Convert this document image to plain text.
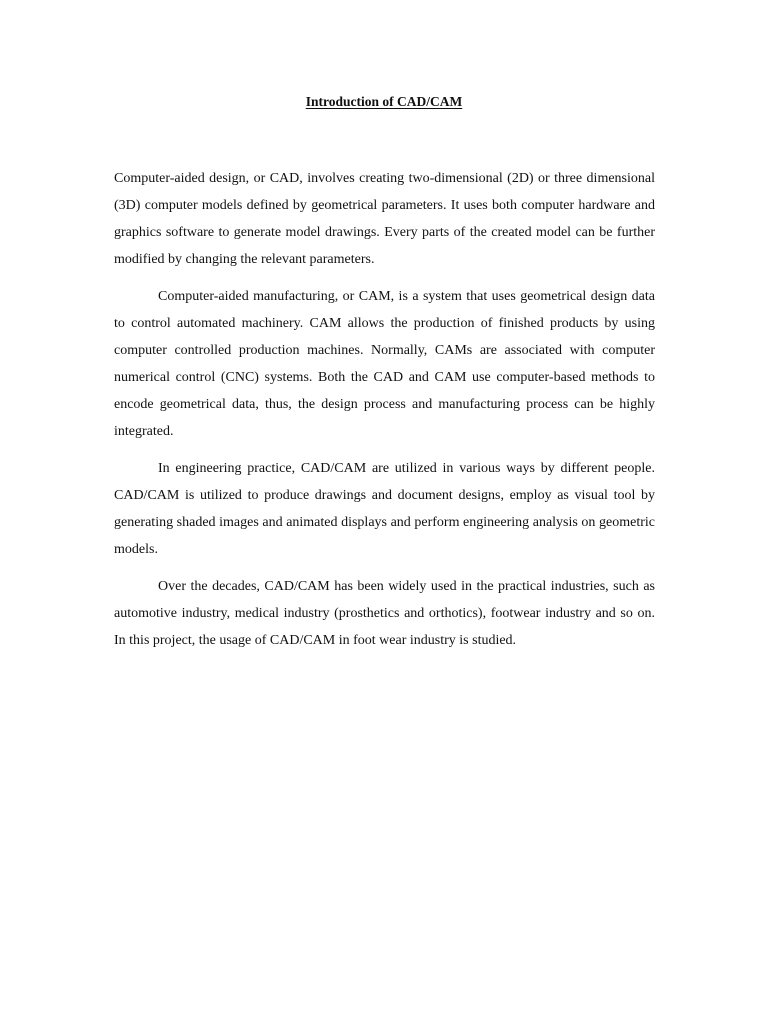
Introduction of CAD/CAM

Computer-aided design, or CAD, involves creating two-dimensional (2D) or three dimensional (3D) computer models defined by geometrical parameters. It uses both computer hardware and graphics software to generate model drawings. Every parts of the created model can be further modified by changing the relevant parameters.

Computer-aided manufacturing, or CAM, is a system that uses geometrical design data to control automated machinery. CAM allows the production of finished products by using computer controlled production machines. Normally, CAMs are associated with computer numerical control (CNC) systems. Both the CAD and CAM use computer-based methods to encode geometrical data, thus, the design process and manufacturing process can be highly integrated.

In engineering practice, CAD/CAM are utilized in various ways by different people. CAD/CAM is utilized to produce drawings and document designs, employ as visual tool by generating shaded images and animated displays and perform engineering analysis on geometric models.

Over the decades, CAD/CAM has been widely used in the practical industries, such as automotive industry, medical industry (prosthetics and orthotics), footwear industry and so on. In this project, the usage of CAD/CAM in foot wear industry is studied.
